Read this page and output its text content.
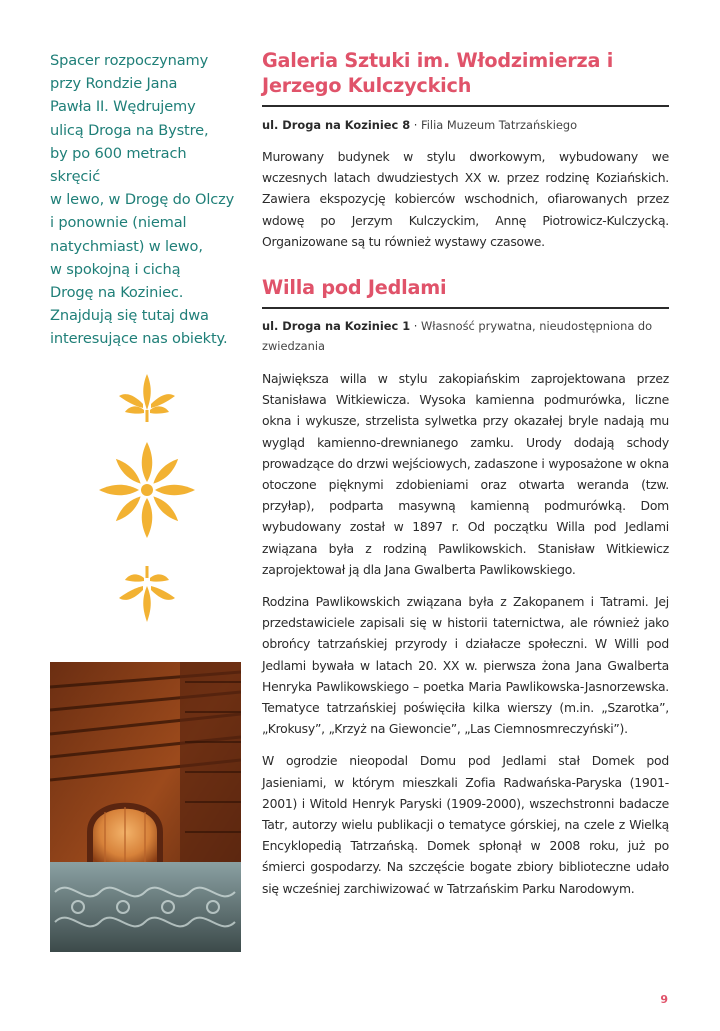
Spacer rozpoczynamy
przy Rondzie Jana
Pawła II. Wędrujemy
ulicą Droga na Bystre,
by po 600 metrach skręcić
w lewo, w Drogę do Olczy
i ponownie (niemal
natychmiast) w lewo,
w spokojną i cichą
Drogę na Koziniec.
Znajdują się tutaj dwa
interesujące nas obiekty.
Galeria Sztuki im. Włodzimierza i Jerzego Kulczyckich
ul. Droga na Koziniec 8 · Filia Muzeum Tatrzańskiego

Murowany budynek w stylu dworkowym, wybudowany we wczesnych latach dwudziestych XX w. przez rodzinę Koziańskich. Zawiera ekspozycję kobierców wschodnich, ofiarowanych przez wdowę po Jerzym Kulczyckim, Annę Piotrowicz-Kulczycką. Organizowane są tu również wystawy czasowe.

Willa pod Jedlami
ul. Droga na Koziniec 1 · Własność prywatna, nieudostępniona do zwiedzania

Największa willa w stylu zakopiańskim zaprojektowana przez Stanisława Witkiewicza. Wysoka kamienna podmurówka, liczne okna i wykusze, strzelista sylwetka przy okazałej bryle nadają mu wygląd kamienno-drewnianego zamku. Urody dodają schody prowadzące do drzwi wejściowych, zadaszone i wyposażone w okna otoczone pięknymi zdobieniami oraz otwarta weranda (tzw. przyłap), podparta masywną kamienną podmurówką. Dom wybudowany został w 1897 r. Od początku Willa pod Jedlami związana była z rodziną Pawlikowskich. Stanisław Witkiewicz zaprojektował ją dla Jana Gwalberta Pawlikowskiego.

Rodzina Pawlikowskich związana była z Zakopanem i Tatrami. Jej przedstawiciele zapisali się w historii taternictwa, ale również jako obrońcy tatrzańskiej przyrody i działacze społeczni. W Willi pod Jedlami bywała w latach 20. XX w. pierwsza żona Jana Gwalberta Henryka Pawlikowskiego – poetka Maria Pawlikowska-Jasnorzewska. Tematyce tatrzańskiej poświęciła kilka wierszy (m.in. „Szarotka”, „Krokusy”, „Krzyż na Giewoncie”, „Las Ciemnosmreczyński”).

W ogrodzie nieopodal Domu pod Jedlami stał Domek pod Jasieniami, w którym mieszkali Zofia Radwańska-Paryska (1901-2001) i Witold Henryk Paryski (1909-2000), wszechstronni badacze Tatr, autorzy wielu publikacji o tematyce górskiej, na czele z Wielką Encyklopedią Tatrzańską. Domek spłonął w 2008 roku, już po śmierci gospodarzy. Na szczęście bogate zbiory biblioteczne udało się wcześniej zarchiwizować w Tatrzańskim Parku Narodowym.

9
